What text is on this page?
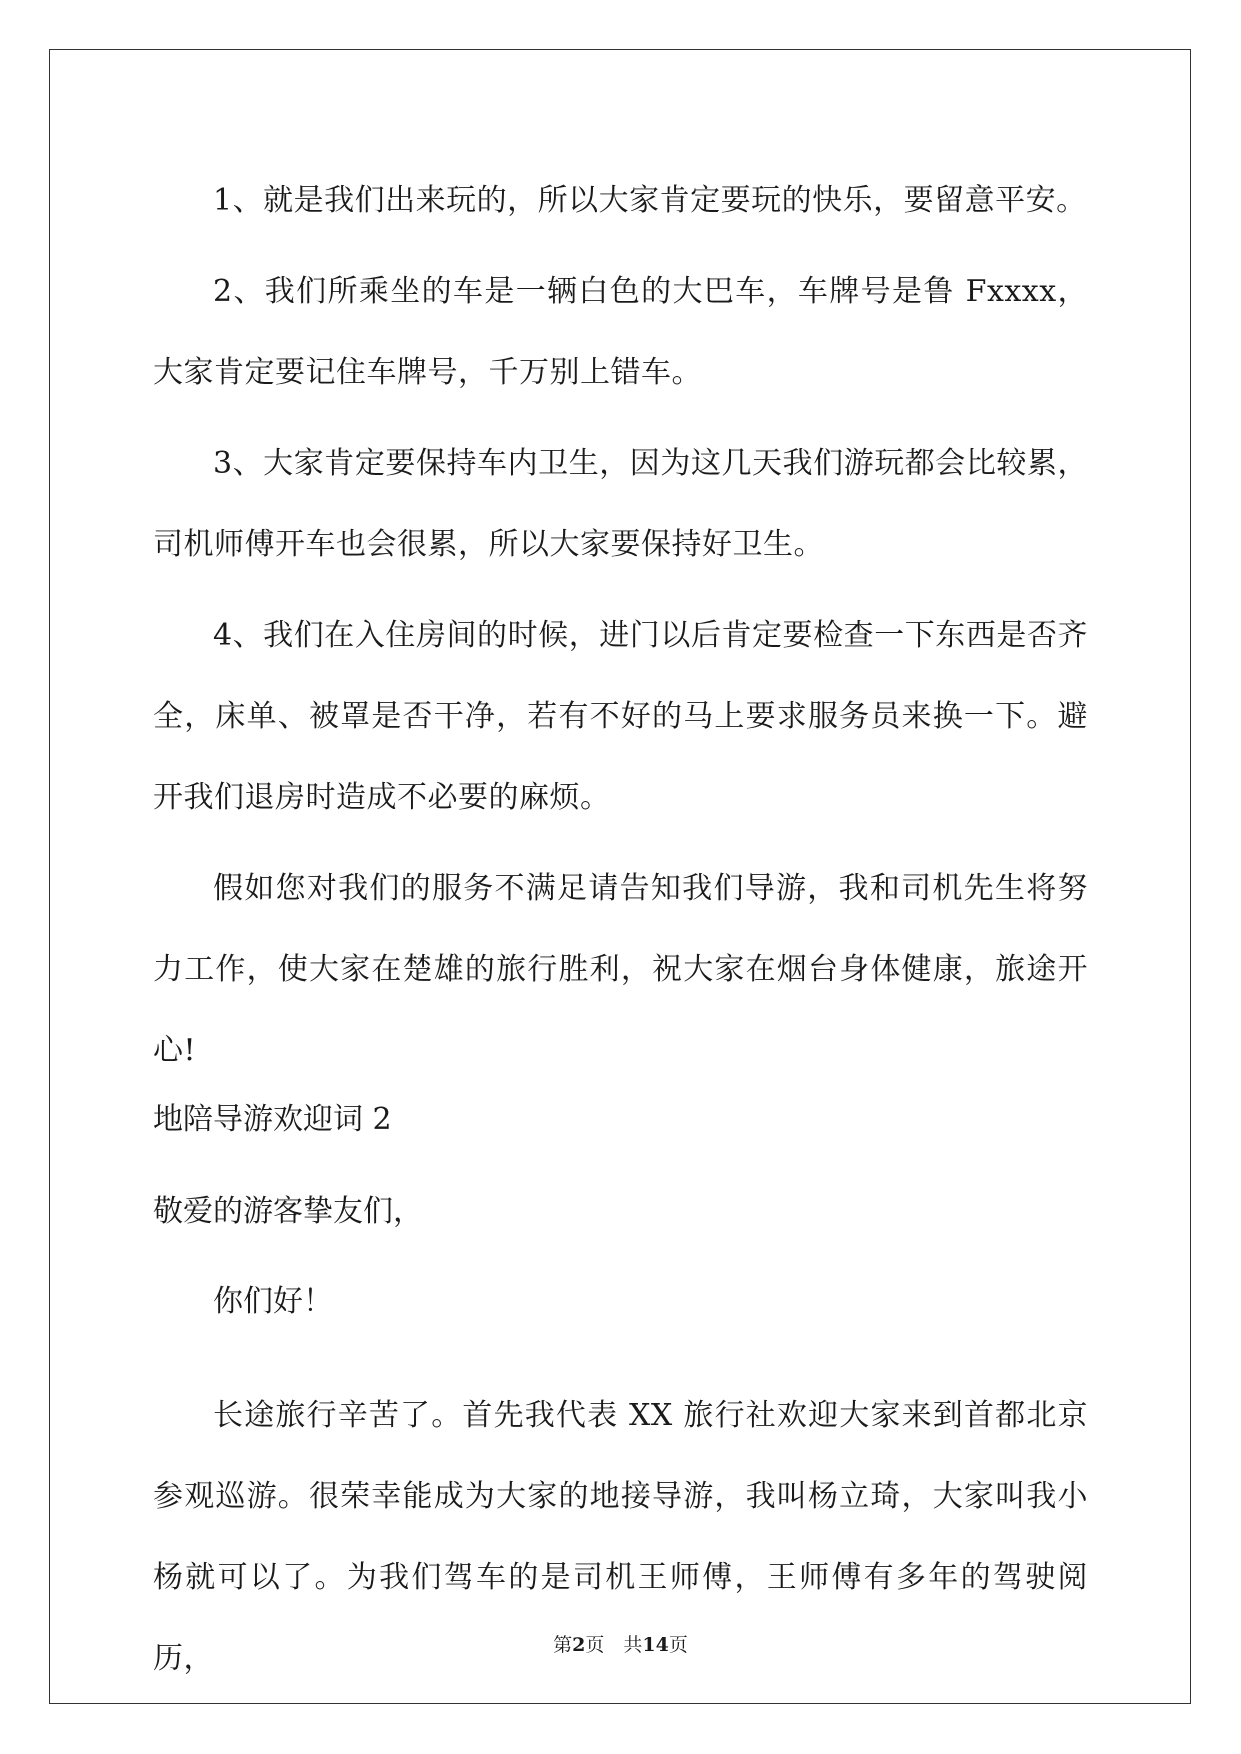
1、就是我们出来玩的，所以大家肯定要玩的快乐，要留意平安。

2、我们所乘坐的车是一辆白色的大巴车，车牌号是鲁 Fxxxx，大家肯定要记住车牌号，千万别上错车。

3、大家肯定要保持车内卫生，因为这几天我们游玩都会比较累，司机师傅开车也会很累，所以大家要保持好卫生。

4、我们在入住房间的时候，进门以后肯定要检查一下东西是否齐全，床单、被罩是否干净，若有不好的马上要求服务员来换一下。避开我们退房时造成不必要的麻烦。

假如您对我们的服务不满足请告知我们导游，我和司机先生将努力工作，使大家在楚雄的旅行胜利，祝大家在烟台身体健康，旅途开心!

地陪导游欢迎词 2

敬爱的游客挚友们，

你们好！

长途旅行辛苦了。首先我代表 XX 旅行社欢迎大家来到首都北京参观巡游。很荣幸能成为大家的地接导游，我叫杨立琦，大家叫我小杨就可以了。为我们驾车的是司机王师傅，王师傅有多年的驾驶阅历，	第2页　共14页
